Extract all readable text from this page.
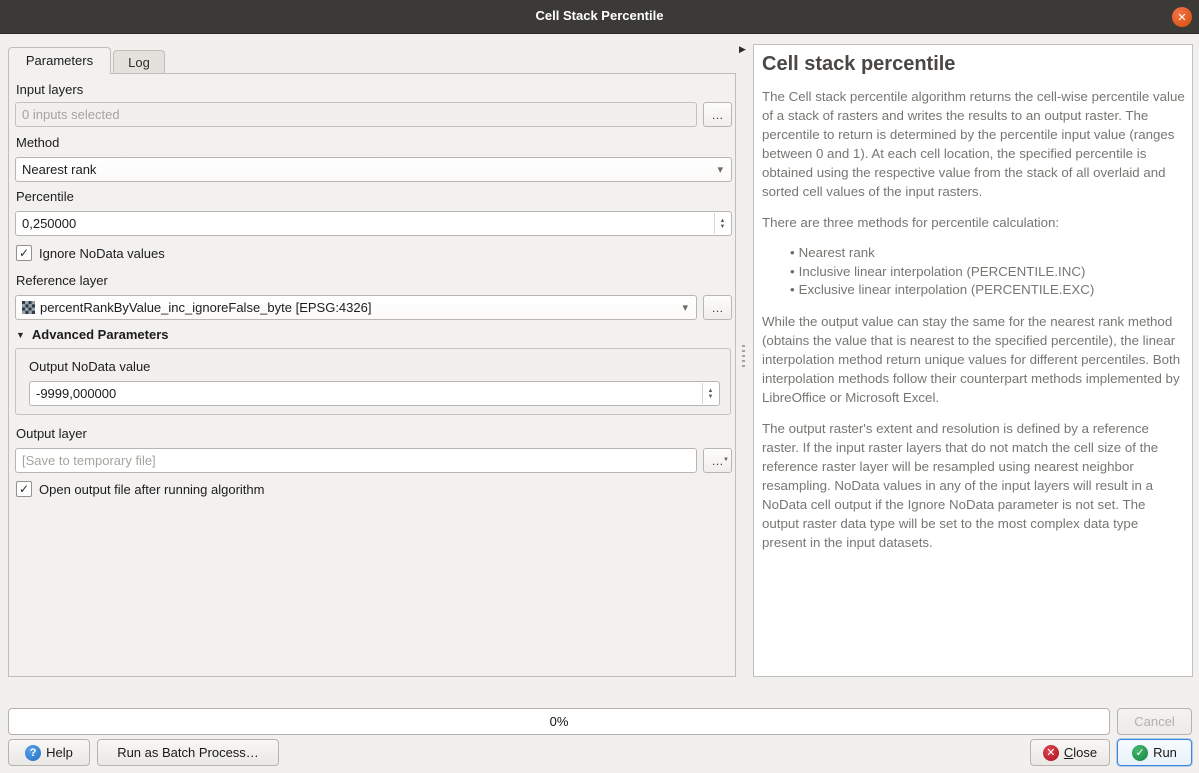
Cell Stack Percentile	✕
Parameters	Log
Input layers
0 inputs selected
…
Method
Nearest rank	▾
Percentile
0,250000
▲
▼
✓ Ignore NoData values
Reference layer
percentRankByValue_inc_ignoreFalse_byte [EPSG:4326]	▾	…
▼ Advanced Parameters
Output NoData value
-9999,000000
▲
▼
Output layer
[Save to temporary file]
… ▼
✓ Open output file after running algorithm
▶
Cell stack percentile

The Cell stack percentile algorithm returns the cell-wise percentile value of a stack of rasters and writes the results to an output raster. The percentile to return is determined by the percentile input value (ranges between 0 and 1). At each cell location, the specified percentile is obtained using the respective value from the stack of all overlaid and sorted cell values of the input rasters.

There are three methods for percentile calculation:

• Nearest rank
• Inclusive linear interpolation (PERCENTILE.INC)
• Exclusive linear interpolation (PERCENTILE.EXC)

While the output value can stay the same for the nearest rank method (obtains the value that is nearest to the specified percentile), the linear interpolation method return unique values for different percentiles. Both interpolation methods follow their counterpart methods implemented by LibreOffice or Microsoft Excel.

The output raster's extent and resolution is defined by a reference raster. If the input raster layers that do not match the cell size of the reference raster layer will be resampled using nearest neighbor resampling. NoData values in any of the input layers will result in a NoData cell output if the Ignore NoData parameter is not set. The output raster data type will be set to the most complex data type present in the input datasets.

0%	Cancel
? Help	Run as Batch Process…	✕ Close	✓ Run
